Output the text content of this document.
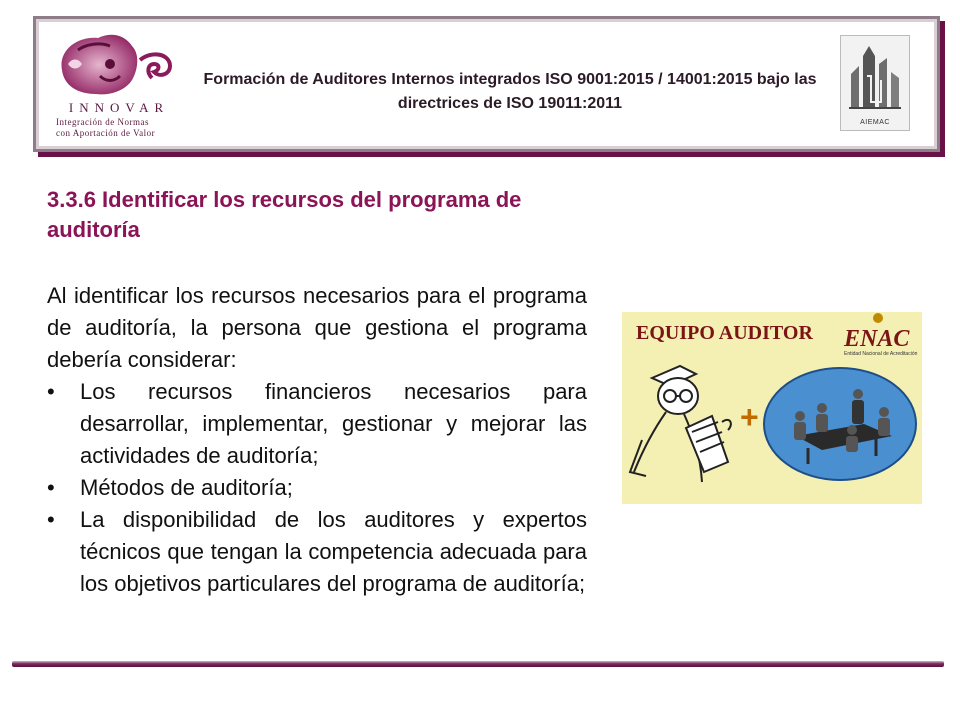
INNOVAR
Integración de Normas
con Aportación de Valor
Formación de Auditores Internos integrados ISO 9001:2015 / 14001:2015 bajo las directrices de ISO 19011:2011
AIEMAC
3.3.6 Identificar los recursos del programa de auditoría
Al identificar los recursos necesarios para el programa de auditoría, la persona que gestiona el programa debería considerar:
• Los recursos financieros necesarios para desarrollar, implementar, gestionar y mejorar las actividades de auditoría;
• Métodos de auditoría;
• La disponibilidad de los auditores y expertos técnicos que tengan la competencia adecuada para los objetivos particulares del programa de auditoría;
EQUIPO AUDITOR ENAC
Entidad Nacional de Acreditación
+
